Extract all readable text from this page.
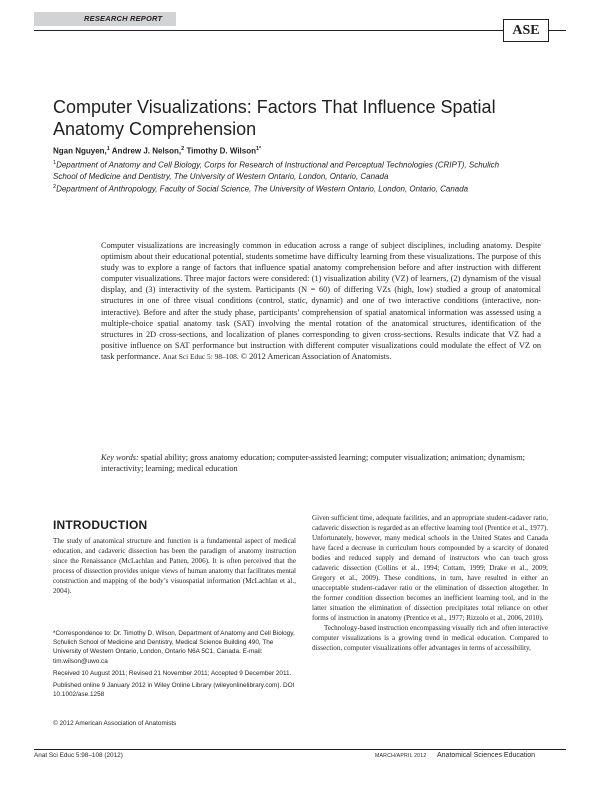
RESEARCH REPORT
ASE
Computer Visualizations: Factors That Influence Spatial Anatomy Comprehension
Ngan Nguyen,$^1$ Andrew J. Nelson,$^2$ Timothy D. Wilson$^{1*}$

$^1$Department of Anatomy and Cell Biology, Corps for Research of Instructional and Perceptual Technologies (CRIPT), Schulich School of Medicine and Dentistry, The University of Western Ontario, London, Ontario, Canada

$^2$Department of Anthropology, Faculty of Social Science, The University of Western Ontario, London, Ontario, Canada

Computer visualizations are increasingly common in education across a range of subject disciplines, including anatomy. Despite optimism about their educational potential, students sometime have difficulty learning from these visualizations. The purpose of this study was to explore a range of factors that influence spatial anatomy comprehension before and after instruction with different computer visualizations. Three major factors were considered: (1) visualization ability (VZ) of learners, (2) dynamism of the visual display, and (3) interactivity of the system. Participants (N = 60) of differing VZs (high, low) studied a group of anatomical structures in one of three visual conditions (control, static, dynamic) and one of two interactive conditions (interactive, non-interactive). Before and after the study phase, participants’ comprehension of spatial anatomical information was assessed using a multiple-choice spatial anatomy task (SAT) involving the mental rotation of the anatomical structures, identification of the structures in 2D cross-sections, and localization of planes corresponding to given cross-sections. Results indicate that VZ had a positive influence on SAT performance but instruction with different computer visualizations could modulate the effect of VZ on task performance. Anat Sci Educ 5: 98–108. © 2012 American Association of Anatomists.

Key words: spatial ability; gross anatomy education; computer-assisted learning; computer visualization; animation; dynamism; interactivity; learning; medical education

INTRODUCTION

The study of anatomical structure and function is a fundamental aspect of medical education, and cadaveric dissection has been the paradigm of anatomy instruction since the Renaissance (McLachlan and Patten, 2006). It is often perceived that the process of dissection provides unique views of human anatomy that facilitates mental construction and mapping of the body’s visuospatial information (McLachlan et al., 2004).

*Correspondence to: Dr. Timothy D. Wilson, Department of Anatomy and Cell Biology, Schulich School of Medicine and Dentistry, Medical Science Building 490, The University of Western Ontario, London, Ontario N6A 5C1, Canada. E-mail: tim.wilson@uwo.ca

Received 10 August 2011; Revised 21 November 2011; Accepted 9 December 2011.

Published online 9 January 2012 in Wiley Online Library (wileyonlinelibrary.com). DOI 10.1002/ase.1258

© 2012 American Association of Anatomists

Given sufficient time, adequate facilities, and an appropriate student-cadaver ratio, cadaveric dissection is regarded as an effective learning tool (Prentice et al., 1977). Unfortunately, however, many medical schools in the United States and Canada have faced a decrease in curriculum hours compounded by a scarcity of donated bodies and reduced supply and demand of instructors who can teach gross cadaveric dissection (Collins et al., 1994; Cottam, 1999; Drake et al., 2009; Gregory et al., 2009). These conditions, in turn, have resulted in either an unacceptable student-cadaver ratio or the elimination of dissection altogether. In the former condition dissection becomes an inefficient learning tool, and in the latter situation the elimination of dissection precipitates total reliance on other forms of instruction in anatomy (Prentice et al., 1977; Rizzolo et al., 2006, 2010).

Technology-based instruction encompassing visually rich and often interactive computer visualizations is a growing trend in medical education. Compared to dissection, computer visualizations offer advantages in terms of accessibility,

Anat Sci Educ 5:98–108 (2012)	MARCH/APRIL 2012 Anatomical Sciences Education
